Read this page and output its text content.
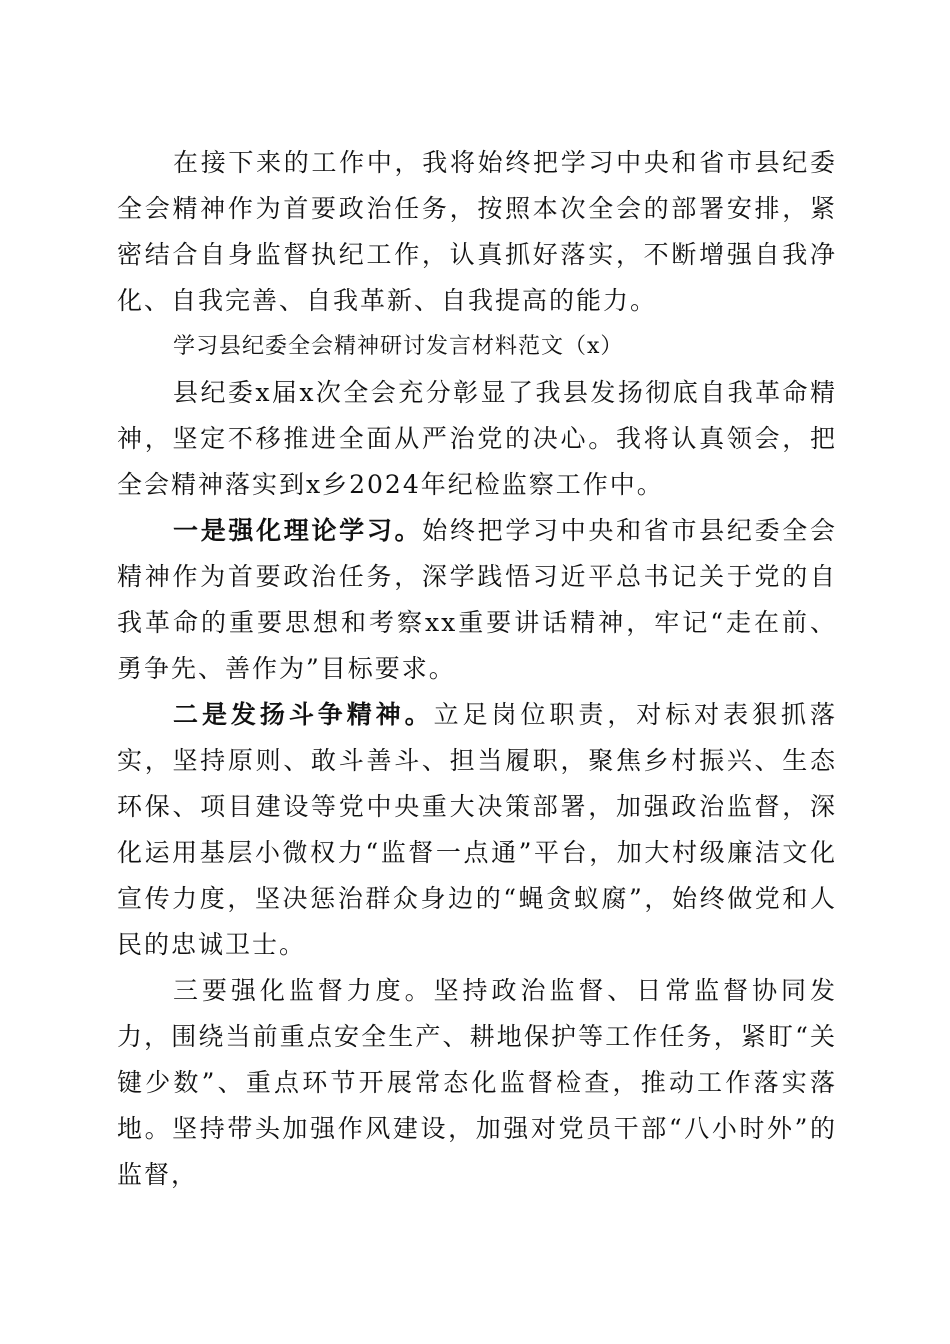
在接下来的工作中，我将始终把学习中央和省市县纪委全会精神作为首要政治任务，按照本次全会的部署安排，紧密结合自身监督执纪工作，认真抓好落实，不断增强自我净化、自我完善、自我革新、自我提高的能力。

学习县纪委全会精神研讨发言材料范文（x）

县纪委x届x次全会充分彰显了我县发扬彻底自我革命精神，坚定不移推进全面从严治党的决心。我将认真领会，把全会精神落实到x乡2024年纪检监察工作中。

一是强化理论学习。始终把学习中央和省市县纪委全会精神作为首要政治任务，深学践悟习近平总书记关于党的自我革命的重要思想和考察xx重要讲话精神，牢记“走在前、勇争先、善作为”目标要求。

二是发扬斗争精神。立足岗位职责，对标对表狠抓落实，坚持原则、敢斗善斗、担当履职，聚焦乡村振兴、生态环保、项目建设等党中央重大决策部署，加强政治监督，深化运用基层小微权力“监督一点通”平台，加大村级廉洁文化宣传力度，坚决惩治群众身边的“蝇贪蚁腐”，始终做党和人民的忠诚卫士。

三要强化监督力度。坚持政治监督、日常监督协同发力，围绕当前重点安全生产、耕地保护等工作任务，紧盯“关键少数”、重点环节开展常态化监督检查，推动工作落实落地。坚持带头加强作风建设，加强对党员干部“八小时外”的监督，
